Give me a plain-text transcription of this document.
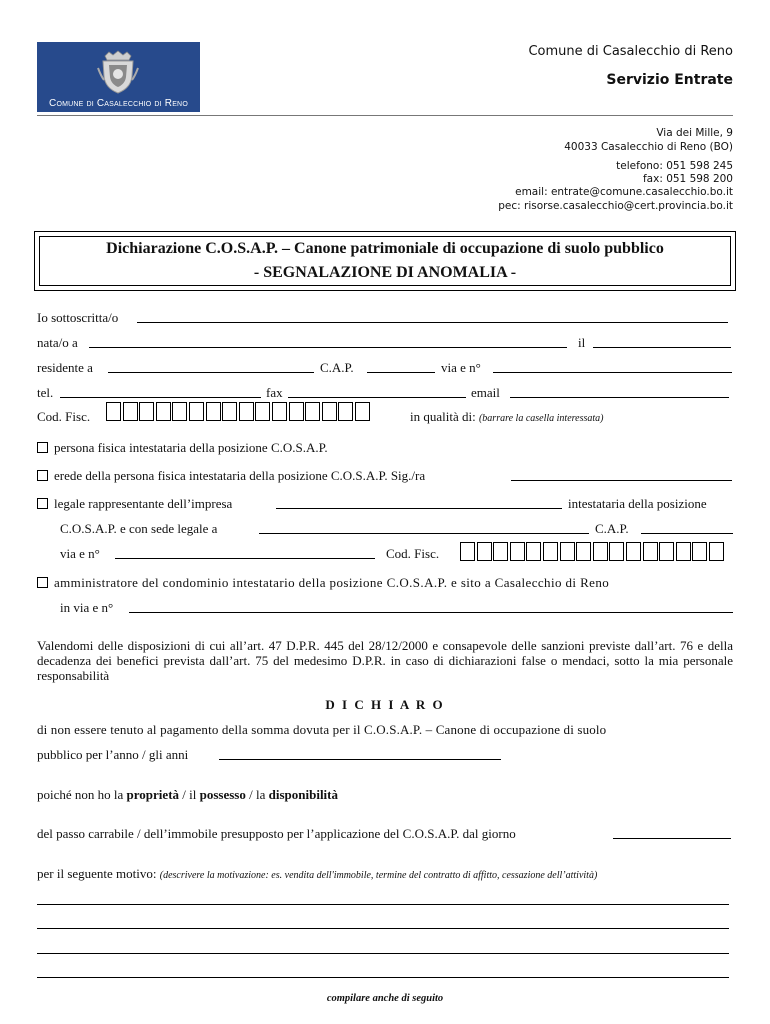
Comune di Casalecchio di Reno
Comune di Casalecchio di Reno
Servizio Entrate
Via dei Mille, 9
40033 Casalecchio di Reno (BO)
telefono: 051 598 245
fax: 051 598 200
email: entrate@comune.casalecchio.bo.it
pec: risorse.casalecchio@cert.provincia.bo.it
Dichiarazione C.O.S.A.P. – Canone patrimoniale di occupazione di suolo pubblico
- SEGNALAZIONE DI ANOMALIA -
Io sottoscritta/o
nata/o a	il
residente a	C.A.P.	via e n°
tel.	fax	email
Cod. Fisc.	in qualità di: (barrare la casella interessata)
persona fisica intestataria della posizione C.O.S.A.P.
erede della persona fisica intestataria della posizione C.O.S.A.P. Sig./ra
legale rappresentante dell’impresa	intestataria della posizione
C.O.S.A.P. e con sede legale a	C.A.P.
via e n°	Cod. Fisc.
amministratore del condominio intestatario della posizione C.O.S.A.P. e sito a Casalecchio di Reno
in via e n°
Valendomi delle disposizioni di cui all’art. 47 D.P.R. 445 del 28/12/2000 e consapevole delle sanzioni previste dall’art. 76 e della decadenza dei benefici prevista dall’art. 75 del medesimo D.P.R. in caso di dichiarazioni false o mendaci, sotto la mia personale responsabilità
D I C H I A R O
di non essere tenuto al pagamento della somma dovuta per il C.O.S.A.P. – Canone di occupazione di suolo
pubblico per l’anno / gli anni
poiché non ho la proprietà / il possesso / la disponibilità
del passo carrabile / dell’immobile presupposto per l’applicazione del C.O.S.A.P. dal giorno
per il seguente motivo: (descrivere la motivazione: es. vendita dell'immobile, termine del contratto di affitto, cessazione dell’attività)
compilare anche di seguito
